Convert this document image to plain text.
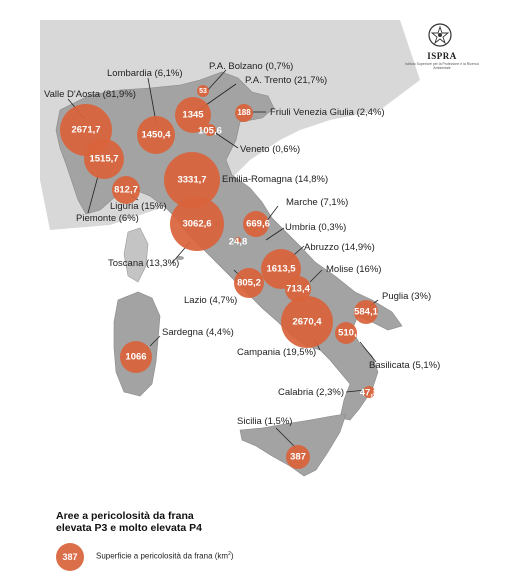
2671,7
1515,7
1450,4
53
1345	188
105,6
812,7
3331,7
3062,6	669,6
24,8
1613,5
713,4
805,2
584,1
2670,4
510,3
1066
47,8
387
Valle D'Aosta (81,9%)
Piemonte (6%)
Lombardia (6,1%)
P.A. Bolzano (0,7%)
P.A. Trento (21,7%)
Friuli Venezia Giulia (2,4%)
Veneto (0,6%)
Liguria (15%)
Emilia-Romagna (14,8%)
Toscana (13,3%)
Marche (7,1%)
Umbria (0,3%)
Abruzzo (14,9%)
Molise (16%)
Lazio (4,7%)	Puglia (3%)
Campania (19,5%)
Basilicata (5,1%)
Sardegna (4,4%)
Calabria (2,3%)
Sicilia (1,5%)
ISPRA
Istituto Superiore per la Protezione e la Ricerca Ambientale
Aree a pericolosità da frana
elevata P3 e molto elevata P4
387	Superficie a pericolosità da frana $(km^2)$
